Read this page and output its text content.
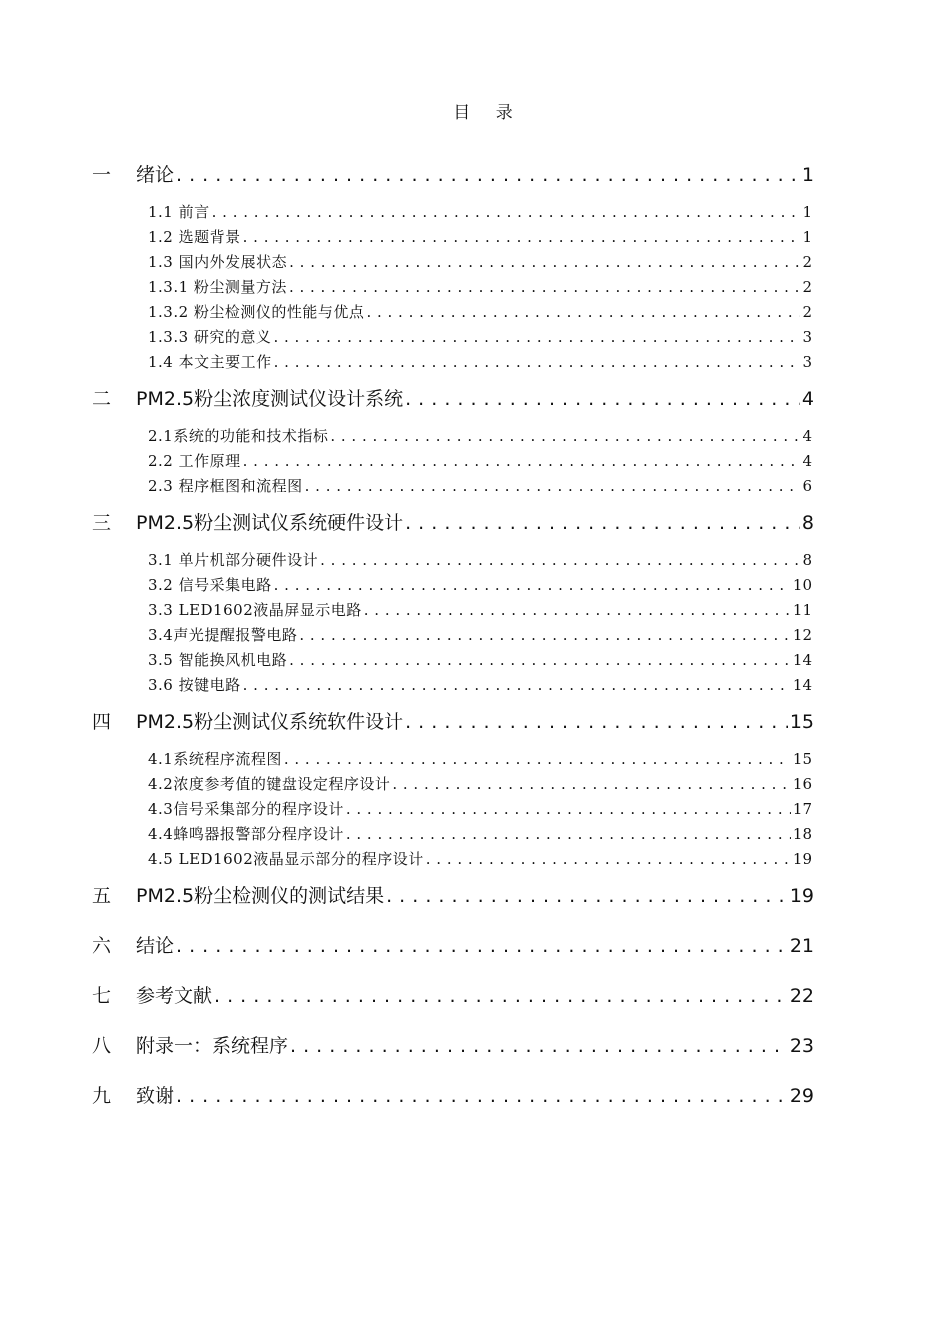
目 录
一	绪论 . . .	1
1.1 前言 . . .	1
1.2 选题背景 . . .	1
1.3 国内外发展状态 . . .	2
1.3.1 粉尘测量方法 . . .	2
1.3.2 粉尘检测仪的性能与优点 . . .	2
1.3.3 研究的意义 . . .	3
1.4 本文主要工作 . . .	3
二	PM2.5粉尘浓度测试仪设计系统 . . .	4
2.1系统的功能和技术指标 . . .	4
2.2 工作原理 . . .	4
2.3 程序框图和流程图 . . .	6
三	PM2.5粉尘测试仪系统硬件设计 . . .	8
3.1 单片机部分硬件设计 . . .	8
3.2 信号采集电路 . . .	10
3.3 LED1602液晶屏显示电路 . . .	11
3.4声光提醒报警电路 . . .	12
3.5 智能换风机电路 . . .	14
3.6 按键电路 . . .	14
四	PM2.5粉尘测试仪系统软件设计 . . .	15
4.1系统程序流程图 . . .	15
4.2浓度参考值的键盘设定程序设计 . . .	16
4.3信号采集部分的程序设计 . . .	17
4.4蜂鸣器报警部分程序设计 . . .	18
4.5 LED1602液晶显示部分的程序设计 . . .	19
五	PM2.5粉尘检测仪的测试结果 . . .	19
六	结论 . . .	21
七	参考文献 . . .	22
八	附录一：系统程序 . . .	23
九	致谢 . . .	29
